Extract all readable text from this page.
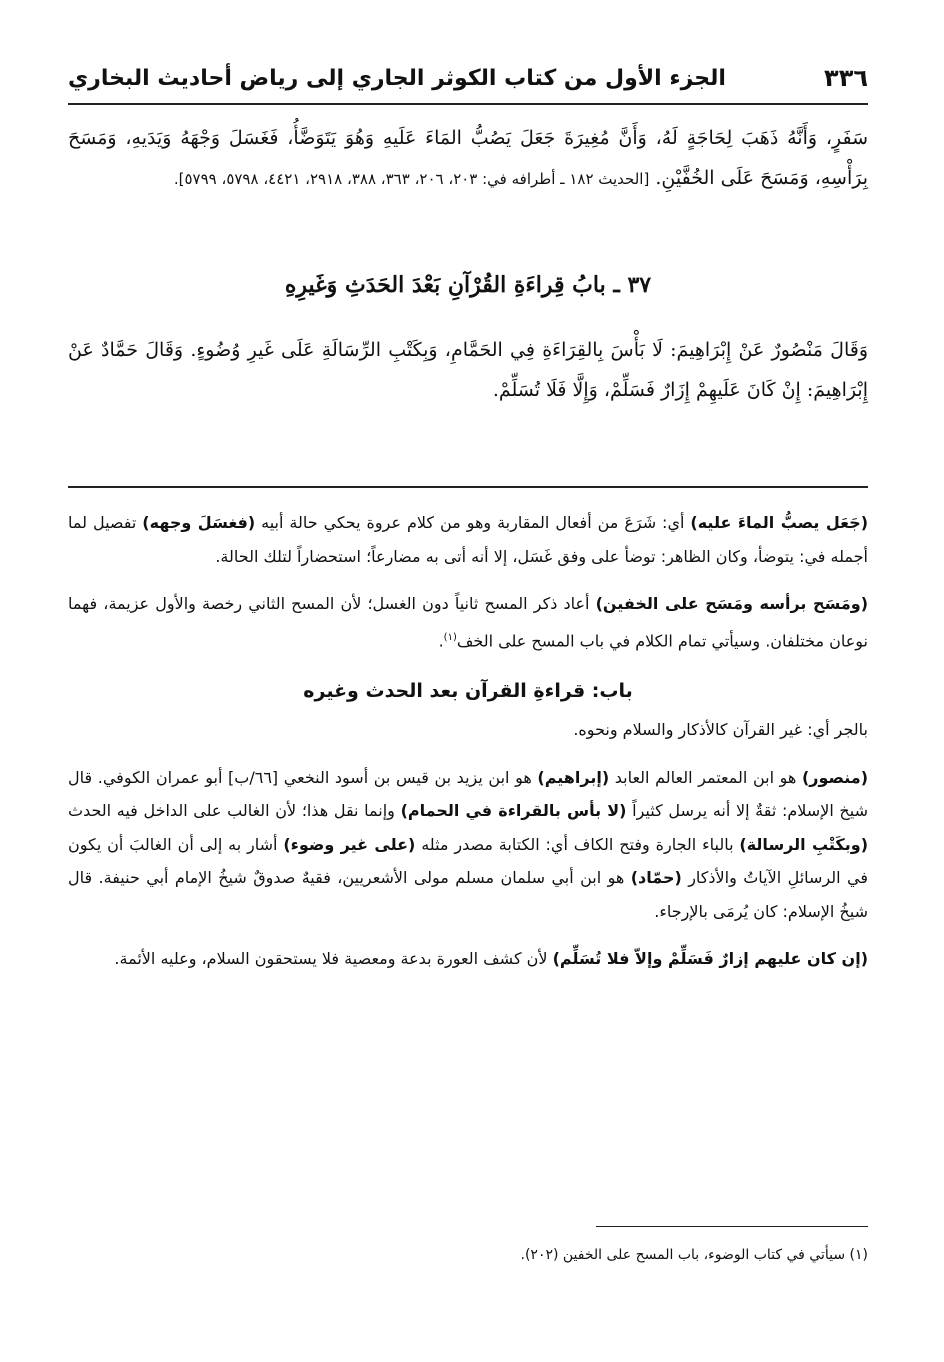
٣٣٦
الجزء الأول من كتاب الكوثر الجاري إلى رياض أحاديث البخاري
سَفَرٍ، وَأَنَّهُ ذَهَبَ لِحَاجَةٍ لَهُ، وَأَنَّ مُغِيرَةَ جَعَلَ يَصُبُّ المَاءَ عَلَيهِ وَهُوَ يَتَوَضَّأُ، فَغَسَلَ وَجْهَهُ وَيَدَيهِ، وَمَسَحَ بِرَأْسِهِ، وَمَسَحَ عَلَى الخُفَّيْنِ. [الحديث ١٨٢ ـ أطرافه في: ٢٠٣، ٢٠٦، ٣٦٣، ٣٨٨، ٢٩١٨، ٤٤٢١، ٥٧٩٨، ٥٧٩٩].
٣٧ ـ بابُ قِراءَةِ القُرْآنِ بَعْدَ الحَدَثِ وَغَيرِهِ
وَقَالَ مَنْصُورٌ عَنْ إِبْرَاهِيمَ: لَا بَأْسَ بِالقِرَاءَةِ فِي الحَمَّامِ، وَبِكَتْبِ الرِّسَالَةِ عَلَى غَيرِ وُضُوءٍ. وَقَالَ حَمَّادٌ عَنْ إِبْرَاهِيمَ: إِنْ كَانَ عَلَيهِمْ إِزَارٌ فَسَلِّمْ، وَإِلَّا فَلَا تُسَلِّمْ.

(جَعَل يصبُّ الماءَ عليه) أي: شَرَعَ من أفعال المقاربة وهو من كلام عروة يحكي حالة أبيه (فغسَلَ وجهه) تفصيل لما أجمله في: يتوضأ، وكان الظاهر: توضأ على وفق غَسَل، إلا أنه أتى به مضارعاً؛ استحضاراً لتلك الحالة.

(ومَسَح برأسه ومَسَح على الخفين) أعاد ذكر المسح ثانياً دون الغسل؛ لأن المسح الثاني رخصة والأول عزيمة، فهما نوعان مختلفان. وسيأتي تمام الكلام في باب المسح على الخف$^{(١)}$.

باب: قراءةِ القرآن بعد الحدث وغيره

بالجر أي: غير القرآن كالأذكار والسلام ونحوه.

(منصور) هو ابن المعتمر العالم العابد (إبراهيم) هو ابن يزيد بن قيس بن أسود النخعي [٦٦/ب] أبو عمران الكوفي. قال شيخ الإسلام: ثقةٌ إلا أنه يرسل كثيراً (لا بأس بالقراءة في الحمام) وإنما نقل هذا؛ لأن الغالب على الداخل فيه الحدث (وبكَتْبِ الرسالة) بالباء الجارة وفتح الكاف أي: الكتابة مصدر مثله (على غير وضوء) أشار به إلى أن الغالبَ أن يكون في الرسائلِ الآياتُ والأذكار (حمّاد) هو ابن أبي سلمان مسلم مولى الأشعريين، فقيهٌ صدوقٌ شيخُ الإمام أبي حنيفة. قال شيخُ الإسلام: كان يُرمَى بالإرجاء.

(إن كان عليهم إزارٌ فَسَلِّمْ وإلاّ فلا تُسَلِّم) لأن كشف العورة بدعة ومعصية فلا يستحقون السلام، وعليه الأئمة.

(١) سيأتي في كتاب الوضوء، باب المسح على الخفين (٢٠٢).
